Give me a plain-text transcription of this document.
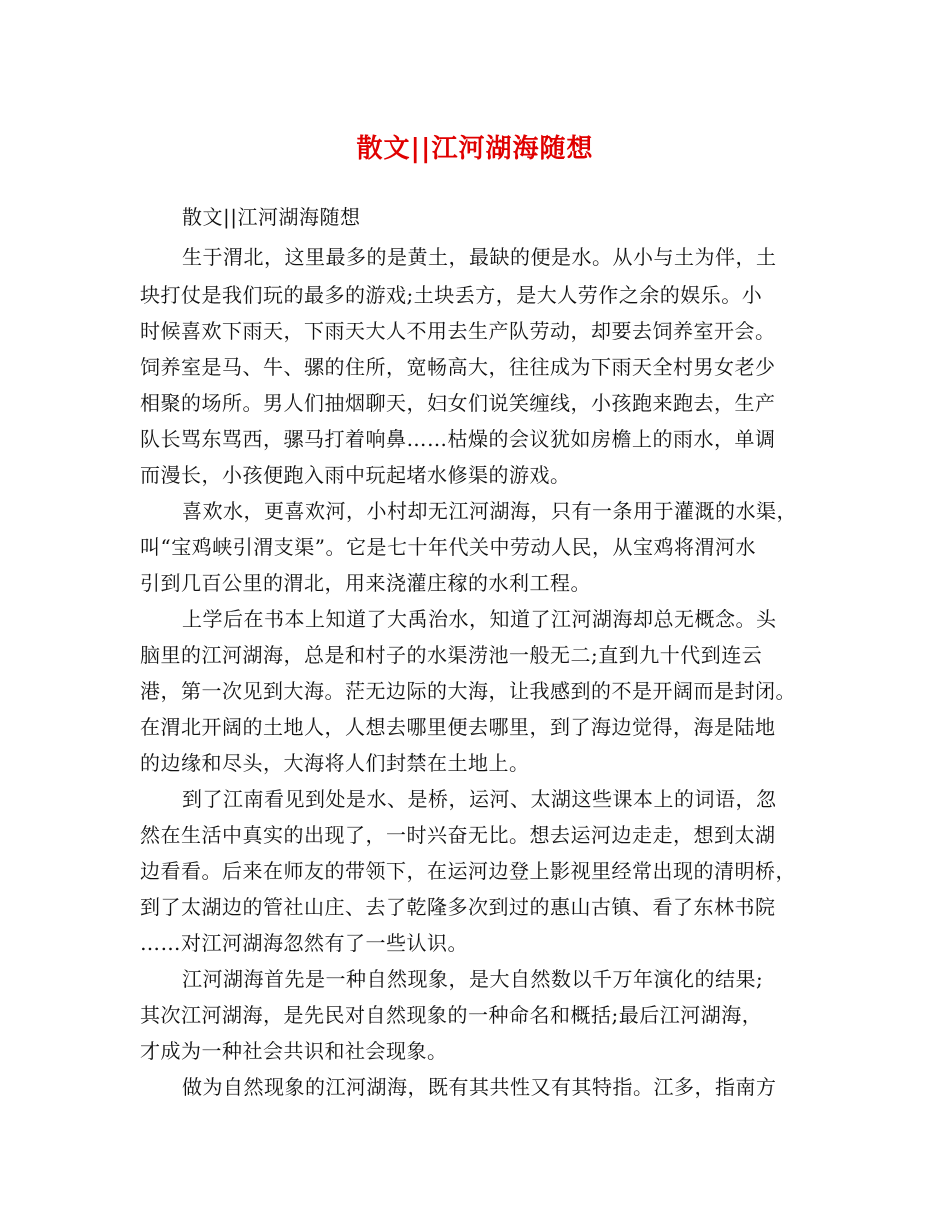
散文||江河湖海随想
散文||江河湖海随想
生于渭北，这里最多的是黄土，最缺的便是水。从小与土为伴，土
块打仗是我们玩的最多的游戏;土块丢方，是大人劳作之余的娱乐。小
时候喜欢下雨天，下雨天大人不用去生产队劳动，却要去饲养室开会。
饲养室是马、牛、骡的住所，宽畅高大，往往成为下雨天全村男女老少
相聚的场所。男人们抽烟聊天，妇女们说笑缠线，小孩跑来跑去，生产
队长骂东骂西，骡马打着响鼻……枯燥的会议犹如房檐上的雨水，单调
而漫长，小孩便跑入雨中玩起堵水修渠的游戏。
喜欢水，更喜欢河，小村却无江河湖海，只有一条用于灌溉的水渠，
叫“宝鸡峡引渭支渠”。它是七十年代关中劳动人民，从宝鸡将渭河水
引到几百公里的渭北，用来浇灌庄稼的水利工程。
上学后在书本上知道了大禹治水，知道了江河湖海却总无概念。头
脑里的江河湖海，总是和村子的水渠涝池一般无二;直到九十代到连云
港，第一次见到大海。茫无边际的大海，让我感到的不是开阔而是封闭。
在渭北开阔的土地人，人想去哪里便去哪里，到了海边觉得，海是陆地
的边缘和尽头，大海将人们封禁在土地上。
到了江南看见到处是水、是桥，运河、太湖这些课本上的词语，忽
然在生活中真实的出现了，一时兴奋无比。想去运河边走走，想到太湖
边看看。后来在师友的带领下，在运河边登上影视里经常出现的清明桥，
到了太湖边的管社山庄、去了乾隆多次到过的惠山古镇、看了东林书院
……对江河湖海忽然有了一些认识。
江河湖海首先是一种自然现象，是大自然数以千万年演化的结果;
其次江河湖海，是先民对自然现象的一种命名和概括;最后江河湖海，
才成为一种社会共识和社会现象。
做为自然现象的江河湖海，既有其共性又有其特指。江多，指南方
